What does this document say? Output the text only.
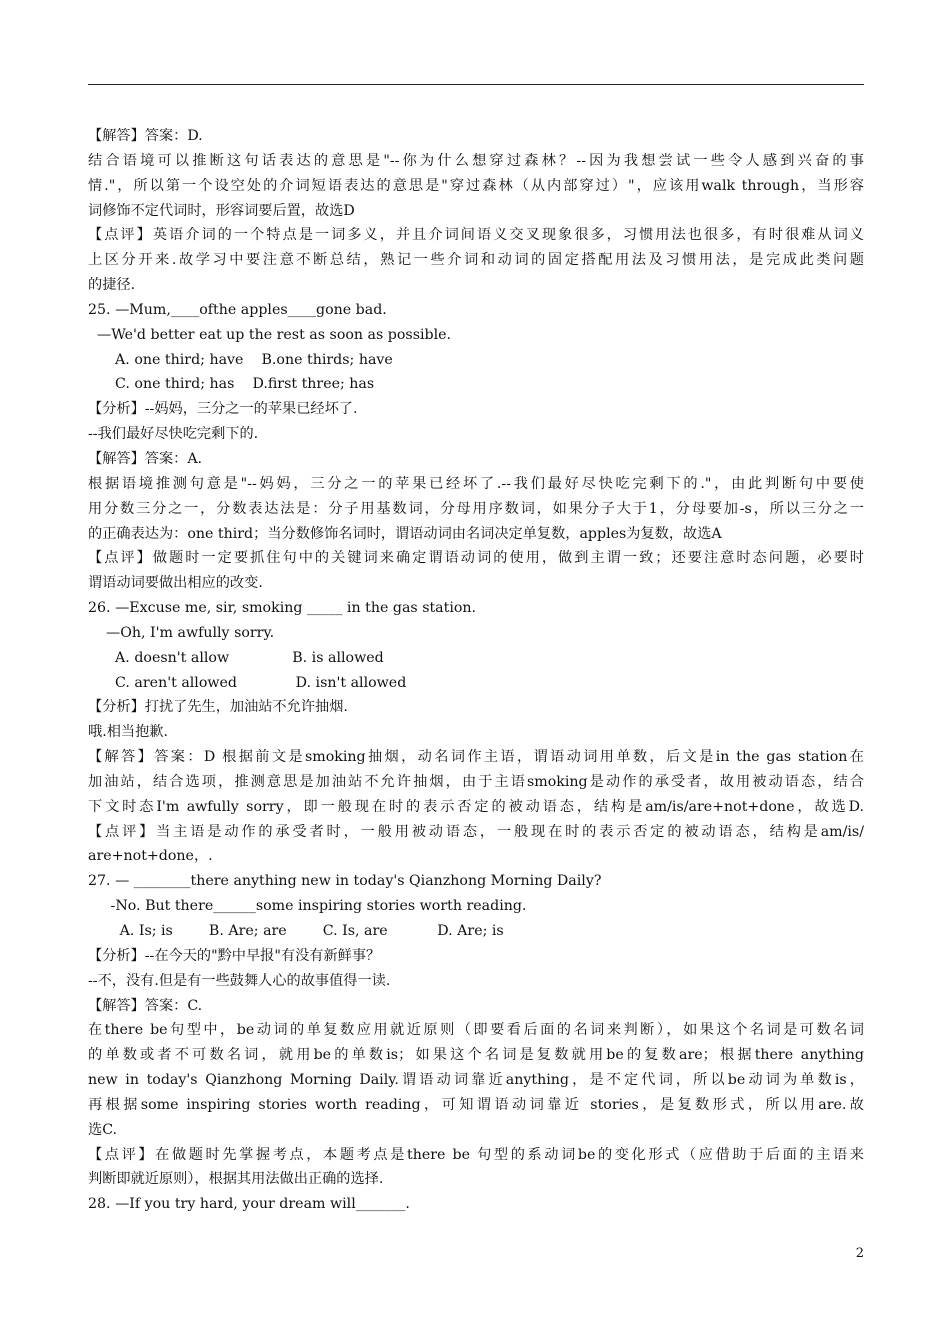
【解答】答案：D.
结合语境可以推断这句话表达的意思是"--你为什么想穿过森林？--因为我想尝试一些令人感到兴奋的事
情."，所以第一个设空处的介词短语表达的意思是"穿过森林（从内部穿过）"，应该用walk through，当形容
词修饰不定代词时，形容词要后置，故选D
【点评】英语介词的一个特点是一词多义，并且介词间语义交叉现象很多，习惯用法也很多，有时很难从词义
上区分开来.故学习中要注意不断总结，熟记一些介词和动词的固定搭配用法及习惯用法，是完成此类问题
的捷径.
25. —Mum,____ofthe apples____gone bad.
—We'd better eat up the rest as soon as possible.
A. one third; have    B.one thirds; have
C. one third; has    D.first three; has
【分析】--妈妈，三分之一的苹果已经坏了.
--我们最好尽快吃完剩下的.
【解答】答案：A.
根据语境推测句意是"--妈妈，三分之一的苹果已经坏了.--我们最好尽快吃完剩下的."，由此判断句中要使
用分数三分之一，分数表达法是：分子用基数词，分母用序数词，如果分子大于1，分母要加-s，所以三分之一
的正确表达为：one third；当分数修饰名词时，谓语动词由名词决定单复数，apples为复数，故选A
【点评】做题时一定要抓住句中的关键词来确定谓语动词的使用，做到主谓一致；还要注意时态问题，必要时
谓语动词要做出相应的改变.
26. —Excuse me, sir, smoking _____ in the gas station.
—Oh, I'm awfully sorry.
A. doesn't allow              B. is allowed
C. aren't allowed             D. isn't allowed
【分析】打扰了先生，加油站不允许抽烟.
哦.相当抱歉.
【解答】答案：D 根据前文是smoking抽烟，动名词作主语，谓语动词用单数，后文是in the gas station在
加油站，结合选项，推测意思是加油站不允许抽烟，由于主语smoking是动作的承受者，故用被动语态，结合
下文时态I'm awfully sorry，即一般现在时的表示否定的被动语态，结构是am/is/are+not+done，故选D.
【点评】当主语是动作的承受者时，一般用被动语态，一般现在时的表示否定的被动语态，结构是am/is/
are+not+done，.
27. — ________there anything new in today's Qianzhong Morning Daily?
-No. But there______some inspiring stories worth reading.
A. Is; is        B. Are; are        C. Is, are           D. Are; is
【分析】--在今天的"黔中早报"有没有新鲜事？
--不，没有.但是有一些鼓舞人心的故事值得一读.
【解答】答案：C.
在there be句型中，be动词的单复数应用就近原则（即要看后面的名词来判断），如果这个名词是可数名词
的单数或者不可数名词，就用be的单数is；如果这个名词是复数就用be的复数are；根据there anything
new in today's Qianzhong Morning Daily.谓语动词靠近anything，是不定代词，所以be动词为单数is，
再根据some inspiring stories worth reading，可知谓语动词靠近 stories，是复数形式，所以用are.故
选C.
【点评】在做题时先掌握考点，本题考点是there be 句型的系动词be的变化形式（应借助于后面的主语来
判断即就近原则），根据其用法做出正确的选择.
28. —If you try hard, your dream will_______.
2
